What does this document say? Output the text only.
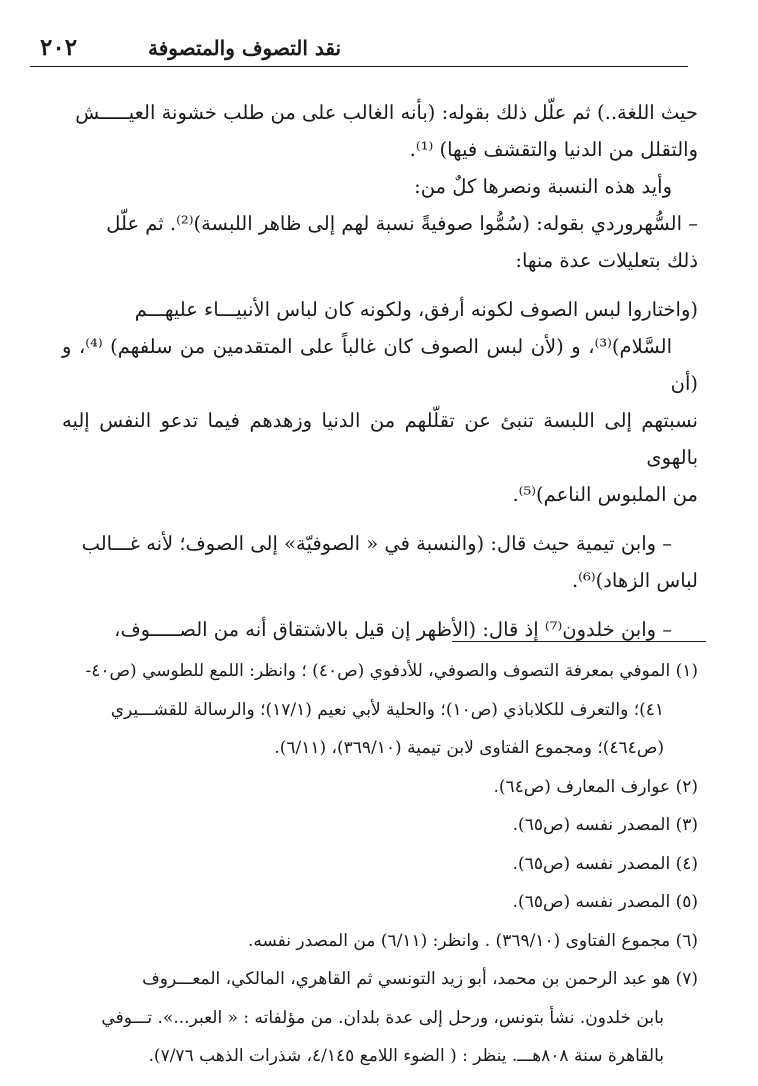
٢٠٢	نقد التصوف والمتصوفة

حيث اللغة..) ثم علّل ذلك بقوله: (بأنه الغالب على من طلب خشونة العيـــــش

والتقلل من الدنيا والتقشف فيها) ⁽¹⁾.

وأيد هذه النسبة ونصرها كلٌ من:

– السُّهروردي بقوله: (سُمُّوا صوفيةً نسبة لهم إلى ظاهر اللبسة)⁽²⁾. ثم علّل

ذلك بتعليلات عدة منها:

(واختاروا لبس الصوف لكونه أرفق، ولكونه كان لباس الأنبيـــاء عليهـــم

السَّلام)⁽³⁾، و (لأن لبس الصوف كان غالباً على المتقدمين من سلفهم) ⁽⁴⁾، و (أن

نسبتهم إلى اللبسة تنبئ عن تقلّلهم من الدنيا وزهدهم فيما تدعو النفس إليه بالهوى

من الملبوس الناعم)⁽⁵⁾.

– وابن تيمية حيث قال: (والنسبة في « الصوفيّة» إلى الصوف؛ لأنه غـــالب

لباس الزهاد)⁽⁶⁾.

– وابن خلدون⁽⁷⁾ إذ قال: (الأظهر إن قيل بالاشتقاق أنه من الصـــــوف،

(١) الموفي بمعرفة التصوف والصوفي، للأدفوي (ص٤٠) ؛ وانظر: اللمع للطوسي (ص٤٠-

٤١)؛ والتعرف للكلاباذي (ص١٠)؛ والحلية لأبي نعيم (١٧/١)؛ والرسالة للقشـــيري

(ص٤٦٤)؛ ومجموع الفتاوى لابن تيمية (٣٦٩/١٠)، (٦/١١).

(٢) عوارف المعارف (ص٦٤).

(٣) المصدر نفسه (ص٦٥).

(٤) المصدر نفسه (ص٦٥).

(٥) المصدر نفسه (ص٦٥).

(٦) مجموع الفتاوى (٣٦٩/١٠) . وانظر: (٦/١١) من المصدر نفسه.

(٧) هو عبد الرحمن بن محمد، أبو زيد التونسي ثم القاهري، المالكي، المعـــروف

بابن خلدون. نشأ بتونس، ورحل إلى عدة بلدان. من مؤلفاته : « العبر...». تـــوفي

بالقاهرة سنة ٨٠٨هـــ. ينظر : ( الضوء اللامع ٤/١٤٥، شذرات الذهب ٧/٧٦).
